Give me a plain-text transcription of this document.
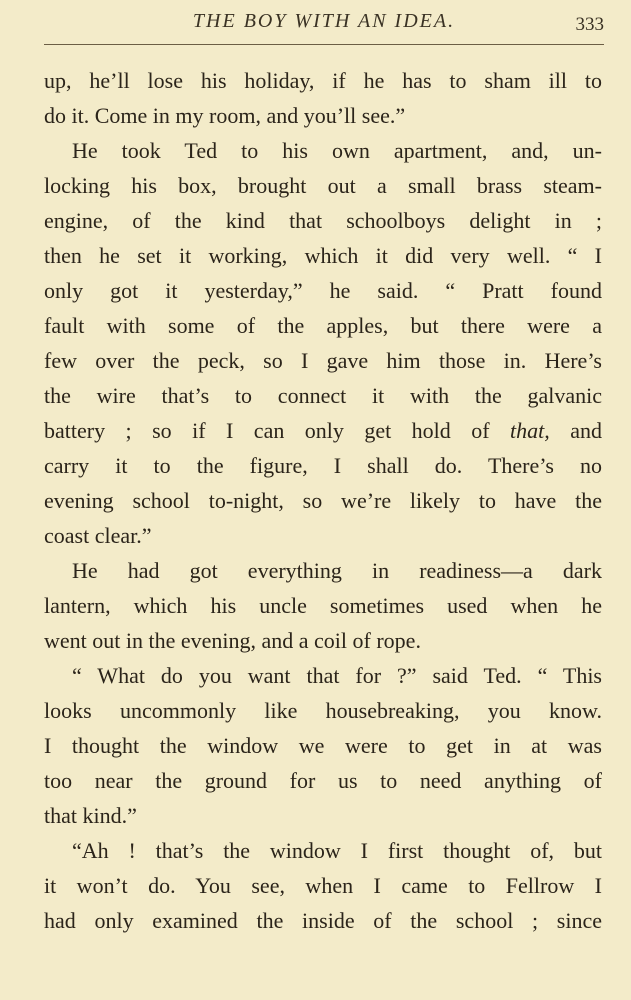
THE BOY WITH AN IDEA.	333
up, he’ll lose his holiday, if he has to sham ill to
do it. Come in my room, and you’ll see.”
He took Ted to his own apartment, and, un-
locking his box, brought out a small brass steam-
engine, of the kind that schoolboys delight in ;
then he set it working, which it did very well. “ I
only got it yesterday,” he said. “ Pratt found
fault with some of the apples, but there were a
few over the peck, so I gave him those in. Here’s
the wire that’s to connect it with the galvanic
battery ; so if I can only get hold of that, and
carry it to the figure, I shall do. There’s no
evening school to-night, so we’re likely to have the
coast clear.”
He had got everything in readiness—a dark
lantern, which his uncle sometimes used when he
went out in the evening, and a coil of rope.
“ What do you want that for ?” said Ted. “ This
looks uncommonly like housebreaking, you know.
I thought the window we were to get in at was
too near the ground for us to need anything of
that kind.”
“Ah ! that’s the window I first thought of, but
it won’t do. You see, when I came to Fellrow I
had only examined the inside of the school ; since
